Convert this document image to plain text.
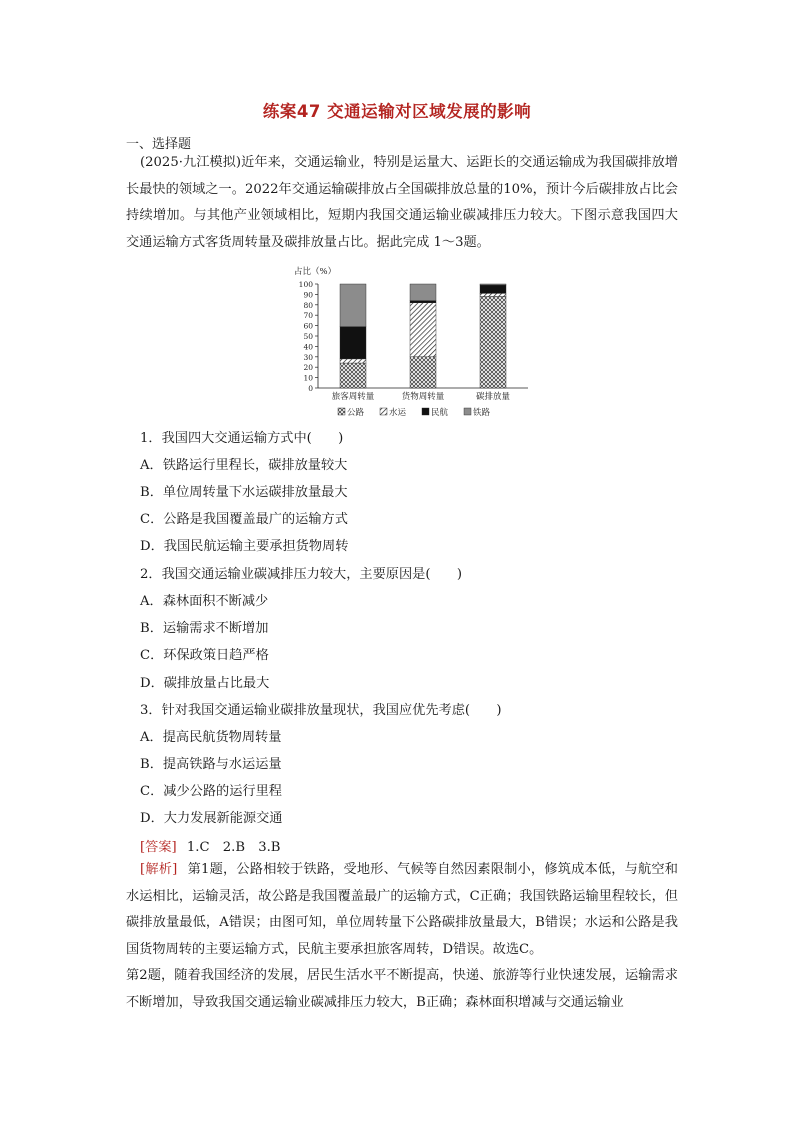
练案47 交通运输对区域发展的影响
一、选择题
(2025·九江模拟)近年来，交通运输业，特别是运量大、运距长的交通运输成为我国碳排放增长最快的领域之一。2022年交通运输碳排放占全国碳排放总量的10%，预计今后碳排放占比会持续增加。与其他产业领域相比，短期内我国交通运输业碳减排压力较大。下图示意我国四大交通运输方式客货周转量及碳排放量占比。据此完成 1～3题。
占比（%）
0
10
20
30
40
50
60
70
80
90
100
旅客周转量	货物周转量	碳排放量
公路	水运	民航	铁路
1．我国四大交通运输方式中(　　)
A．铁路运行里程长，碳排放量较大
B．单位周转量下水运碳排放量最大
C．公路是我国覆盖最广的运输方式
D．我国民航运输主要承担货物周转
2．我国交通运输业碳减排压力较大，主要原因是(　　)
A．森林面积不断减少
B．运输需求不断增加
C．环保政策日趋严格
D．碳排放量占比最大
3．针对我国交通运输业碳排放量现状，我国应优先考虑(　　)
A．提高民航货物周转量
B．提高铁路与水运运量
C．减少公路的运行里程
D．大力发展新能源交通
[答案] 1.C　2.B　3.B

[解析] 第1题，公路相较于铁路，受地形、气候等自然因素限制小，修筑成本低，与航空和水运相比，运输灵活，故公路是我国覆盖最广的运输方式，C正确；我国铁路运输里程较长，但碳排放量最低，A错误；由图可知，单位周转量下公路碳排放量最大，B错误；水运和公路是我国货物周转的主要运输方式，民航主要承担旅客周转，D错误。故选C。

第2题，随着我国经济的发展，居民生活水平不断提高，快递、旅游等行业快速发展，运输需求不断增加，导致我国交通运输业碳减排压力较大，B正确；森林面积增减与交通运输业
